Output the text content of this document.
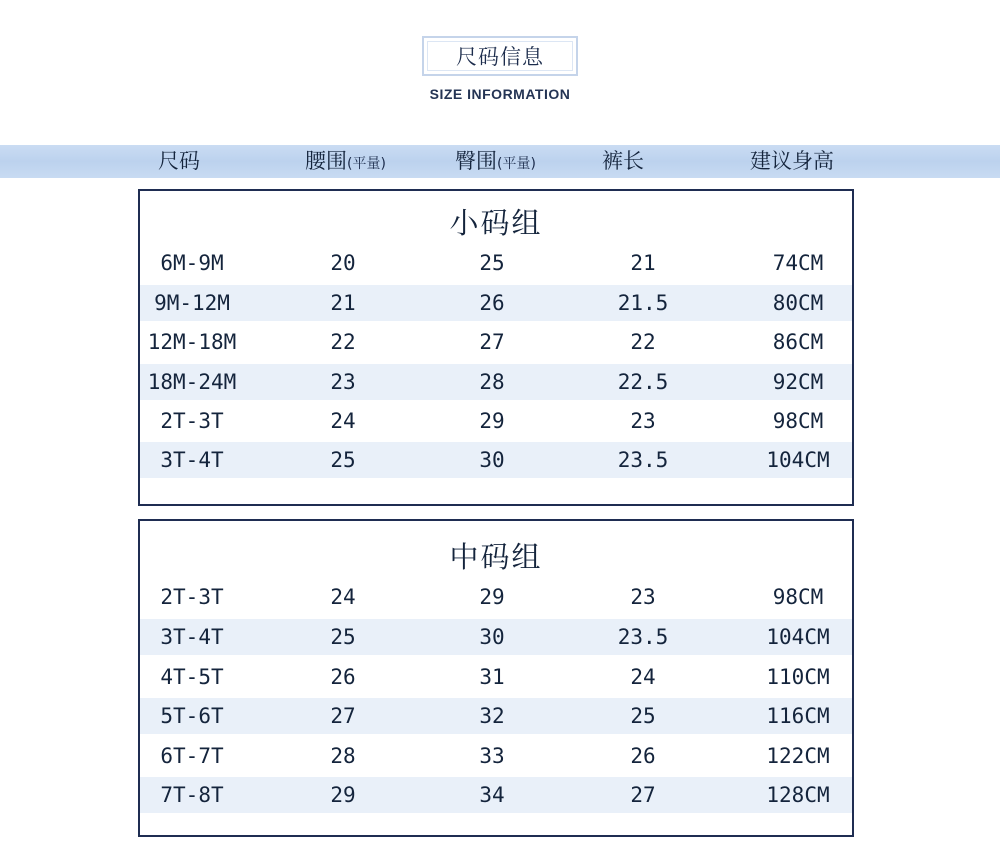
尺码信息
SIZE INFORMATION
尺码	腰围(平量)	臀围(平量)	裤长	建议身高
小码组
6M-9M	20	25	21	74CM
9M-12M	21	26	21.5	80CM
12M-18M	22	27	22	86CM
18M-24M	23	28	22.5	92CM
2T-3T	24	29	23	98CM
3T-4T	25	30	23.5	104CM
中码组
2T-3T	24	29	23	98CM
3T-4T	25	30	23.5	104CM
4T-5T	26	31	24	110CM
5T-6T	27	32	25	116CM
6T-7T	28	33	26	122CM
7T-8T	29	34	27	128CM
